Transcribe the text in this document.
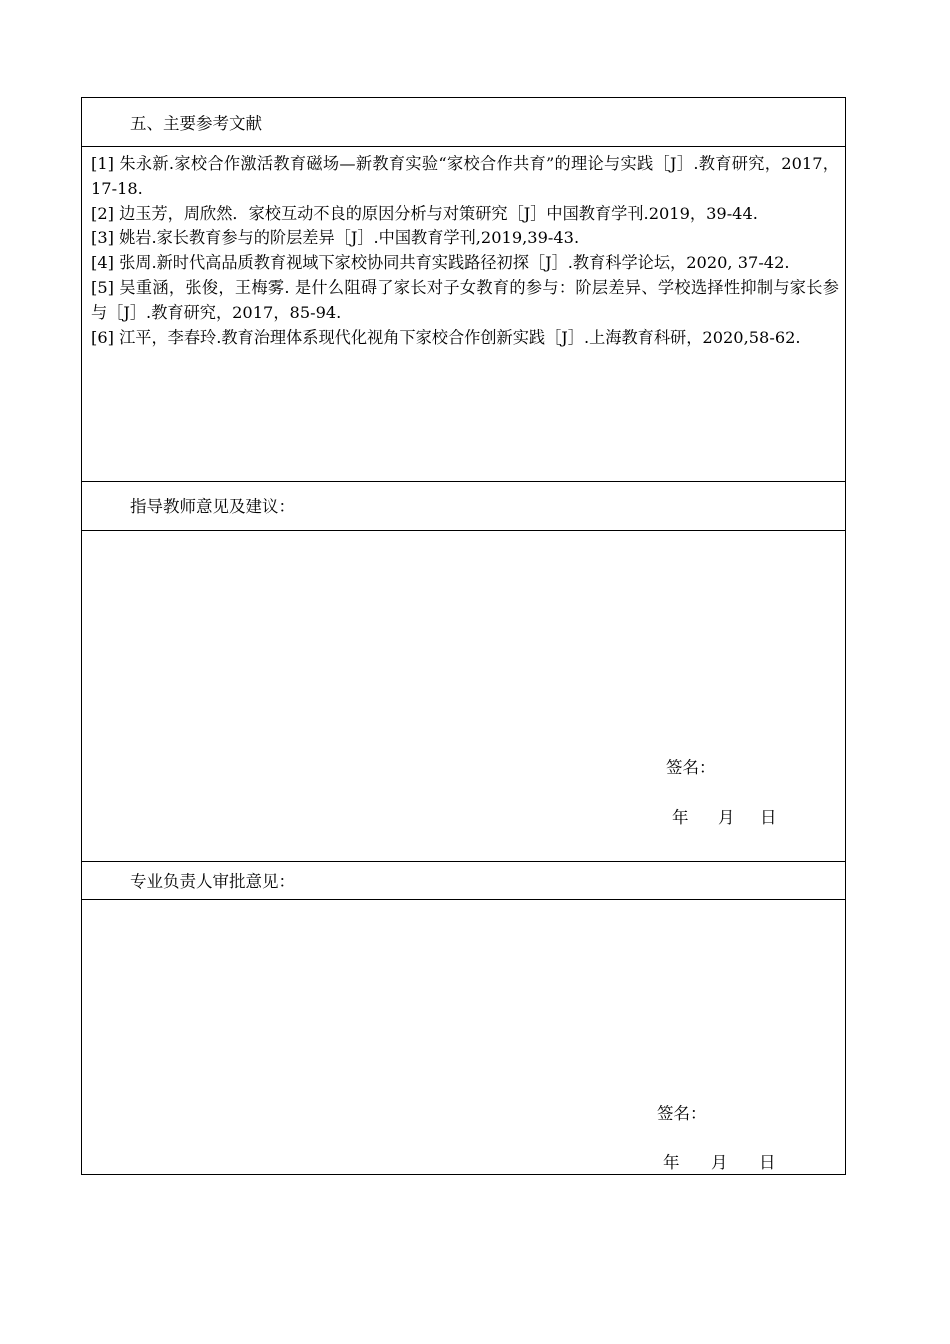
五、主要参考文献

[1] 朱永新.家校合作激活教育磁场—新教育实验“家校合作共育”的理论与实践［J］.教育研究，2017，17-18.

[2] 边玉芳，周欣然．家校互动不良的原因分析与对策研究［J］中国教育学刊.2019，39-44.

[3] 姚岩.家长教育参与的阶层差异［J］.中国教育学刊,2019,39-43.

[4] 张周.新时代高品质教育视域下家校协同共育实践路径初探［J］.教育科学论坛，2020, 37-42.

[5] 吴重涵，张俊，王梅雾. 是什么阻碍了家长对子女教育的参与：阶层差异、学校选择性抑制与家长参与［J］.教育研究，2017，85-94.

[6] 江平，李春玲.教育治理体系现代化视角下家校合作创新实践［J］.上海教育科研，2020,58-62.

指导教师意见及建议：
签名：
年 月 日
专业负责人审批意见：
签名：
年 月 日
